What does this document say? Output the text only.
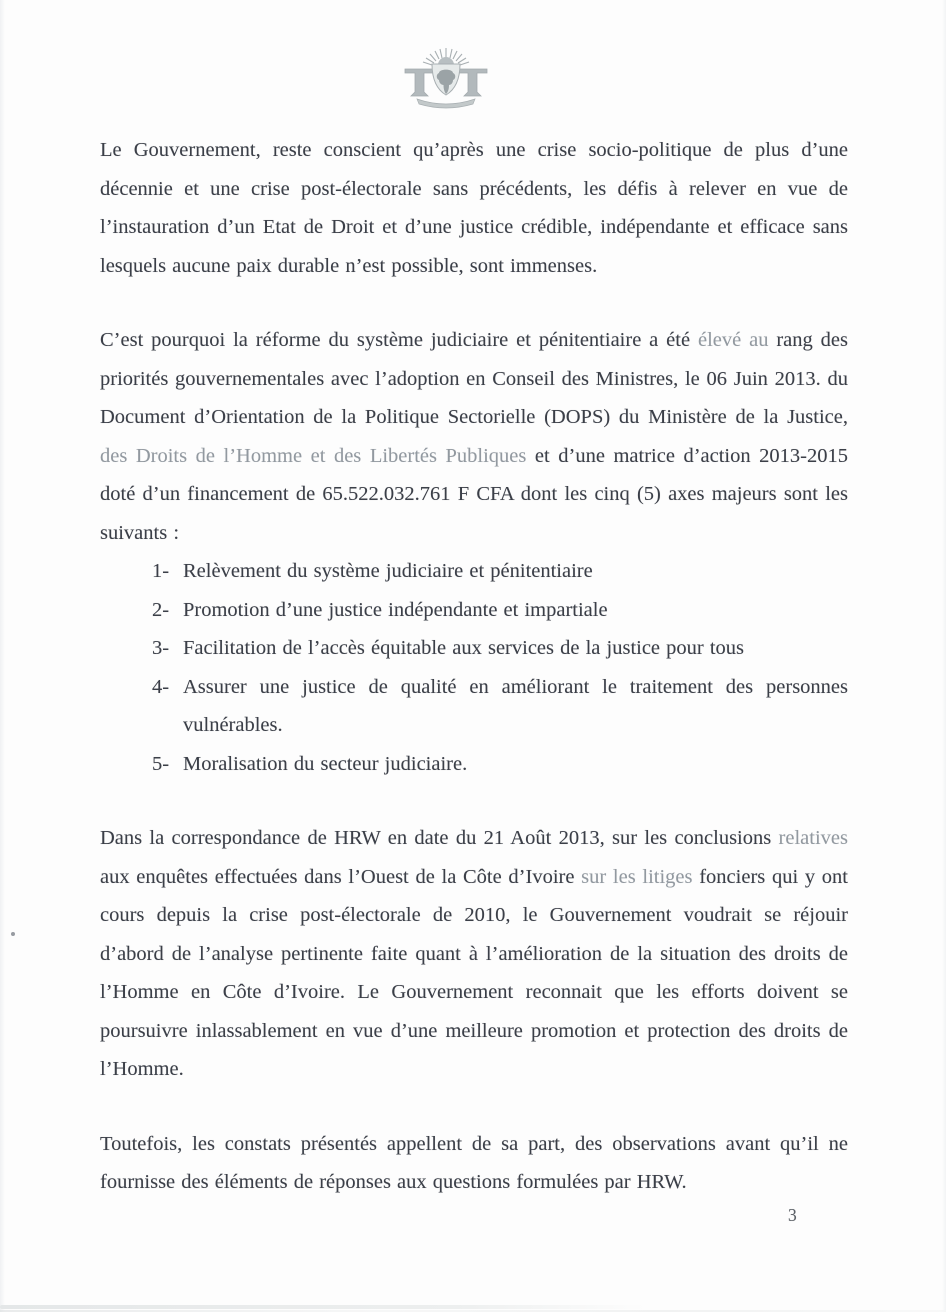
Le Gouvernement, reste conscient qu’après une crise socio-politique de plus d’une décennie et une crise post-électorale sans précédents, les défis à relever en vue de l’instauration d’un Etat de Droit et d’une justice crédible, indépendante et efficace sans lesquels aucune paix durable n’est possible, sont immenses.

C’est pourquoi la réforme du système judiciaire et pénitentiaire a été élevé au rang des priorités gouvernementales avec l’adoption en Conseil des Ministres, le 06 Juin 2013. du Document d’Orientation de la Politique Sectorielle (DOPS) du Ministère de la Justice, des Droits de l’Homme et des Libertés Publiques et d’une matrice d’action 2013-2015 doté d’un financement de 65.522.032.761 F CFA dont les cinq (5) axes majeurs sont les suivants :

1- Relèvement du système judiciaire et pénitentiaire
2- Promotion d’une justice indépendante et impartiale
3- Facilitation de l’accès équitable aux services de la justice pour tous
4- Assurer une justice de qualité en améliorant le traitement des personnes vulnérables.
5- Moralisation du secteur judiciaire.

Dans la correspondance de HRW en date du 21 Août 2013, sur les conclusions relatives aux enquêtes effectuées dans l’Ouest de la Côte d’Ivoire sur les litiges fonciers qui y ont cours depuis la crise post-électorale de 2010, le Gouvernement voudrait se réjouir d’abord de l’analyse pertinente faite quant à l’amélioration de la situation des droits de l’Homme en Côte d’Ivoire. Le Gouvernement reconnait que les efforts doivent se poursuivre inlassablement en vue d’une meilleure promotion et protection des droits de l’Homme.

Toutefois, les constats présentés appellent de sa part, des observations avant qu’il ne fournisse des éléments de réponses aux questions formulées par HRW.

3
